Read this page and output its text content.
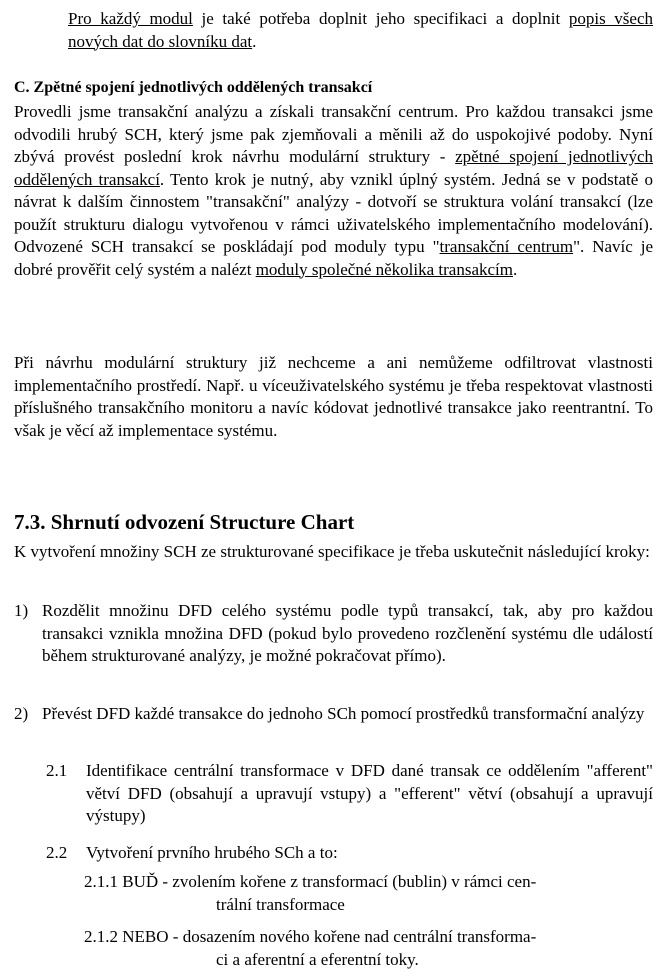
Pro každý modul je také potřeba doplnit jeho specifikaci a doplnit popis všech nových dat do slovníku dat.
C. Zpětné spojení jednotlivých oddělených transakcí
Provedli jsme transakční analýzu a získali transakční centrum. Pro každou transakci jsme odvodili hrubý SCH, který jsme pak zjemňovali a měnili až do uspokojivé podoby. Nyní zbývá provést poslední krok návrhu modulární struktury - zpětné spojení jednotlivých oddělených transakcí. Tento krok je nutný, aby vznikl úplný systém. Jedná se v podstatě o návrat k dalším činnostem "transakční" analýzy - dotvoří se struktura volání transakcí (lze použít strukturu dialogu vytvořenou v rámci uživatelského implementačního modelování). Odvozené SCH transakcí se poskládají pod moduly typu "transakční centrum". Navíc je dobré prověřit celý systém a nalézt moduly společné několika transakcím.
Při návrhu modulární struktury již nechceme a ani nemůžeme odfiltrovat vlastnosti implementačního prostředí. Např. u víceuživatelského systému je třeba respektovat vlastnosti příslušného transakčního monitoru a navíc kódovat jednotlivé transakce jako reentrantní. To však je věcí až implementace systému.
7.3. Shrnutí odvození Structure Chart
K vytvoření množiny SCH ze strukturované specifikace je třeba uskutečnit následující kroky:
1) Rozdělit množinu DFD celého systému podle typů transakcí, tak, aby pro každou transakci vznikla množina DFD (pokud bylo provedeno rozčlenění systému dle událostí během strukturované analýzy, je možné pokračovat přímo).
2) Převést DFD každé transakce do jednoho SCh pomocí prostředků transformační analýzy
2.1	Identifikace centrální transformace v DFD dané transak ce oddělením "afferent" větví DFD (obsahují a upravují vstupy) a "efferent" větví (obsahují a upravují výstupy)
2.2	Vytvoření prvního hrubého SCh a to:
2.1.1 BUĎ - zvolením kořene z transformací (bublin) v rámci cen-
trální transformace
2.1.2 NEBO - dosazením nového kořene nad centrální transforma-
ci a aferentní a eferentní toky.
